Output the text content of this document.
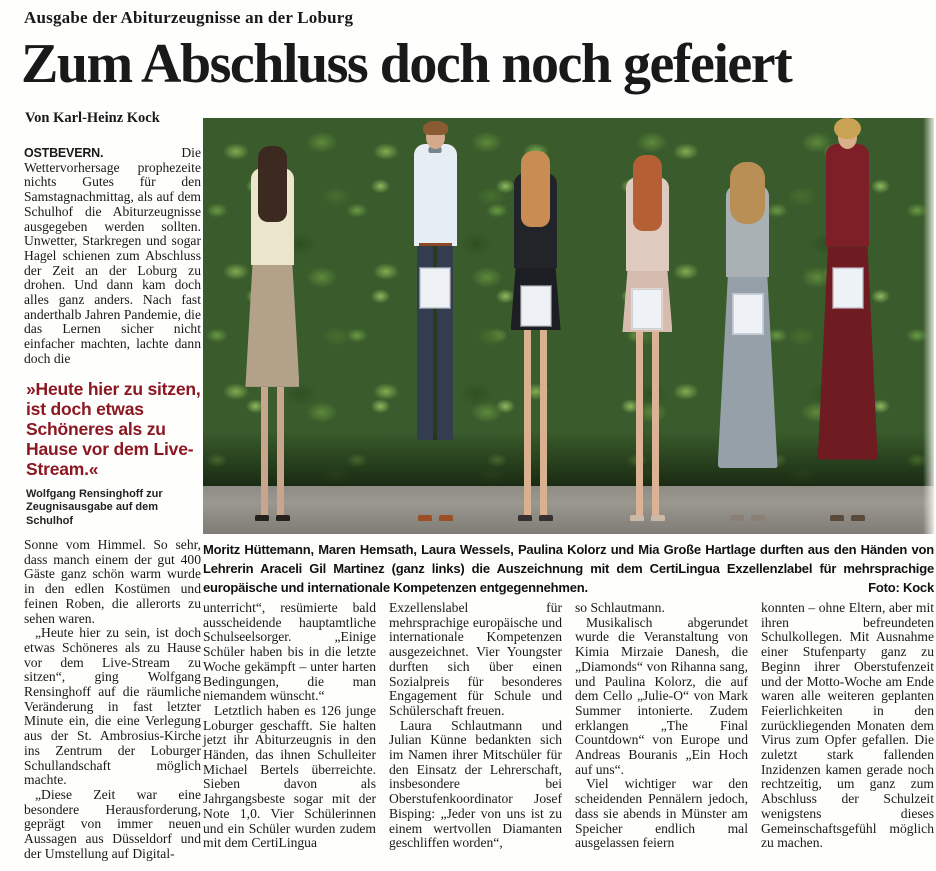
Ausgabe der Abiturzeugnisse an der Loburg
Zum Abschluss doch noch gefeiert
Von Karl-Heinz Kock

OSTBEVERN. Die Wettervorhersage prophezeite nichts Gutes für den Samstagnachmittag, als auf dem Schulhof die Abiturzeugnisse ausgegeben werden sollten. Unwetter, Starkregen und sogar Hagel schienen zum Abschluss der Zeit an der Loburg zu drohen. Und dann kam doch alles ganz anders. Nach fast anderthalb Jahren Pandemie, die das Lernen sicher nicht einfacher machten, lachte dann doch die

»Heute hier zu sitzen, ist doch etwas Schöneres als zu Hause vor dem Live-Stream.«
Wolfgang Rensinghoff zur Zeugnisausgabe auf dem Schulhof

Sonne vom Himmel. So sehr, dass manch einem der gut 400 Gäste ganz schön warm wurde in den edlen Kostümen und feinen Roben, die allerorts zu sehen waren.

„Heute hier zu sein, ist doch etwas Schöneres als zu Hause vor dem Live-Stream zu sitzen“, ging Wolfgang Rensinghoff auf die räumliche Veränderung in fast letzter Minute ein, die eine Verlegung aus der St. Ambrosius-Kirche ins Zentrum der Loburger Schullandschaft möglich machte.

„Diese Zeit war eine besondere Herausforderung, geprägt von immer neuen Aussagen aus Düsseldorf und der Umstellung auf Digital-

Moritz Hüttemann, Maren Hemsath, Laura Wessels, Paulina Kolorz und Mia Große Hartlage durften aus den Händen von Lehrerin Araceli Gil Martinez (ganz links) die Auszeichnung mit dem CertiLingua Exzellenzlabel für mehrsprachige europäische und internationale Kompetenzen entgegennehmen.	Foto: Kock

unterricht“, resümierte bald ausscheidende hauptamtliche Schulseelsorger. „Einige Schüler haben bis in die letzte Woche gekämpft – unter harten Bedingungen, die man niemandem wünscht.“

Letztlich haben es 126 junge Loburger geschafft. Sie halten jetzt ihr Abiturzeugnis in den Händen, das ihnen Schulleiter Michael Bertels überreichte. Sieben davon als Jahrgangsbeste sogar mit der Note 1,0. Vier Schülerinnen und ein Schüler wurden zudem mit dem CertiLingua

Exzellenslabel für mehrsprachige europäische und internationale Kompetenzen ausgezeichnet. Vier Youngster durften sich über einen Sozialpreis für besonderes Engagement für Schule und Schülerschaft freuen.

Laura Schlautmann und Julian Künne bedankten sich im Namen ihrer Mitschüler für den Einsatz der Lehrerschaft, insbesondere bei Oberstufenkoordinator Josef Bisping: „Jeder von uns ist zu einem wertvollen Diamanten geschliffen worden“,

so Schlautmann.

Musikalisch abgerundet wurde die Veranstaltung von Kimia Mirzaie Danesh, die „Diamonds“ von Rihanna sang, und Paulina Kolorz, die auf dem Cello „Julie-O“ von Mark Summer intonierte. Zudem erklangen „The Final Countdown“ von Europe und Andreas Bouranis „Ein Hoch auf uns“.

Viel wichtiger war den scheidenden Pennälern jedoch, dass sie abends in Münster am Speicher endlich mal ausgelassen feiern

konnten – ohne Eltern, aber mit ihren befreundeten Schulkollegen. Mit Ausnahme einer Stufenparty ganz zu Beginn ihrer Oberstufenzeit und der Motto-Woche am Ende waren alle weiteren geplanten Feierlichkeiten in den zurückliegenden Monaten dem Virus zum Opfer gefallen. Die zuletzt stark fallenden Inzidenzen kamen gerade noch rechtzeitig, um ganz zum Abschluss der Schulzeit wenigstens dieses Gemeinschaftsgefühl möglich zu machen.
